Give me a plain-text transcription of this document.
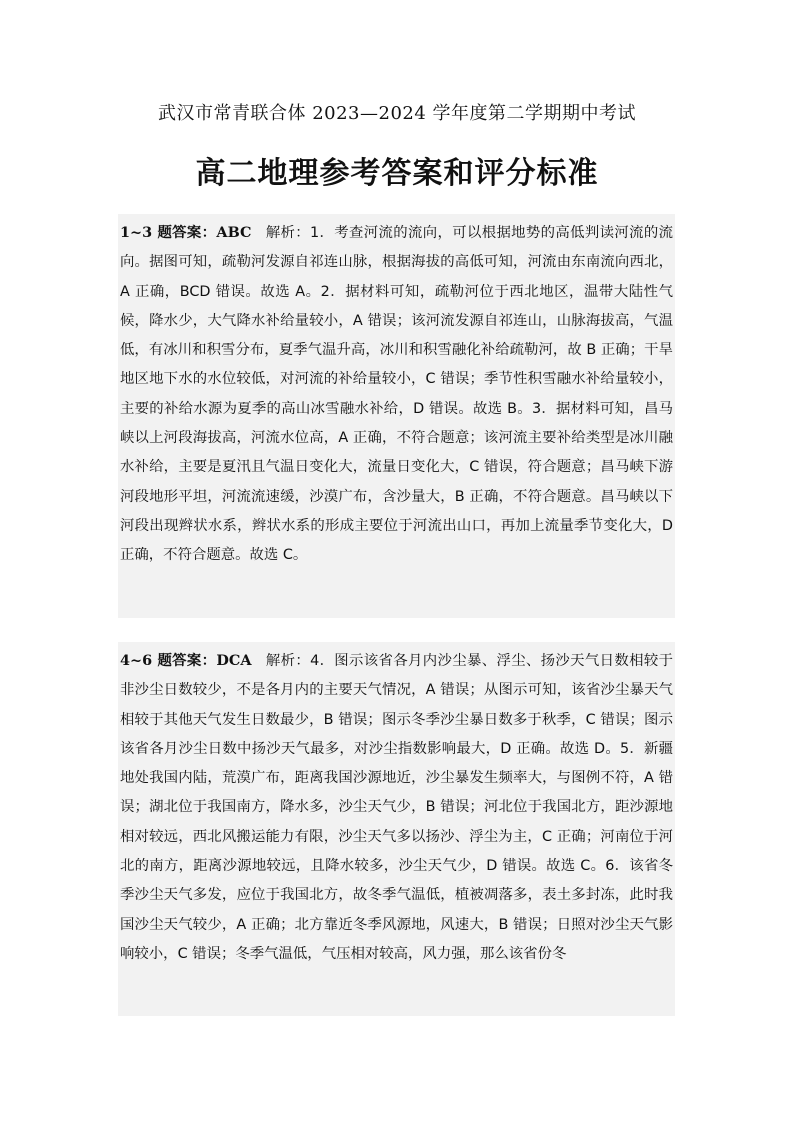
武汉市常青联合体 2023—2024 学年度第二学期期中考试
高二地理参考答案和评分标准
1~3 题答案：ABC 解析：1．考查河流的流向，可以根据地势的高低判读河流的流向。据图可知，疏勒河发源自祁连山脉，根据海拔的高低可知，河流由东南流向西北，A 正确，BCD 错误。故选 A。2．据材料可知，疏勒河位于西北地区，温带大陆性气候，降水少，大气降水补给量较小，A 错误；该河流发源自祁连山，山脉海拔高，气温低，有冰川和积雪分布，夏季气温升高，冰川和积雪融化补给疏勒河，故 B 正确；干旱地区地下水的水位较低，对河流的补给量较小，C 错误；季节性积雪融水补给量较小，主要的补给水源为夏季的高山冰雪融水补给，D 错误。故选 B。3．据材料可知，昌马峡以上河段海拔高，河流水位高，A 正确，不符合题意；该河流主要补给类型是冰川融水补给，主要是夏汛且气温日变化大，流量日变化大，C 错误，符合题意；昌马峡下游河段地形平坦，河流流速缓，沙漠广布，含沙量大，B 正确，不符合题意。昌马峡以下河段出现辫状水系，辫状水系的形成主要位于河流出山口，再加上流量季节变化大，D 正确，不符合题意。故选 C。
4~6 题答案：DCA 解析：4．图示该省各月内沙尘暴、浮尘、扬沙天气日数相较于非沙尘日数较少，不是各月内的主要天气情况，A 错误；从图示可知，该省沙尘暴天气相较于其他天气发生日数最少，B 错误；图示冬季沙尘暴日数多于秋季，C 错误；图示该省各月沙尘日数中扬沙天气最多，对沙尘指数影响最大，D 正确。故选 D。5．新疆地处我国内陆，荒漠广布，距离我国沙源地近，沙尘暴发生频率大，与图例不符，A 错误；湖北位于我国南方，降水多，沙尘天气少，B 错误；河北位于我国北方，距沙源地相对较远，西北风搬运能力有限，沙尘天气多以扬沙、浮尘为主，C 正确；河南位于河北的南方，距离沙源地较远，且降水较多，沙尘天气少，D 错误。故选 C。6．该省冬季沙尘天气多发，应位于我国北方，故冬季气温低，植被凋落多，表土多封冻，此时我国沙尘天气较少，A 正确；北方靠近冬季风源地，风速大，B 错误；日照对沙尘天气影响较小，C 错误；冬季气温低，气压相对较高，风力强，那么该省份冬
